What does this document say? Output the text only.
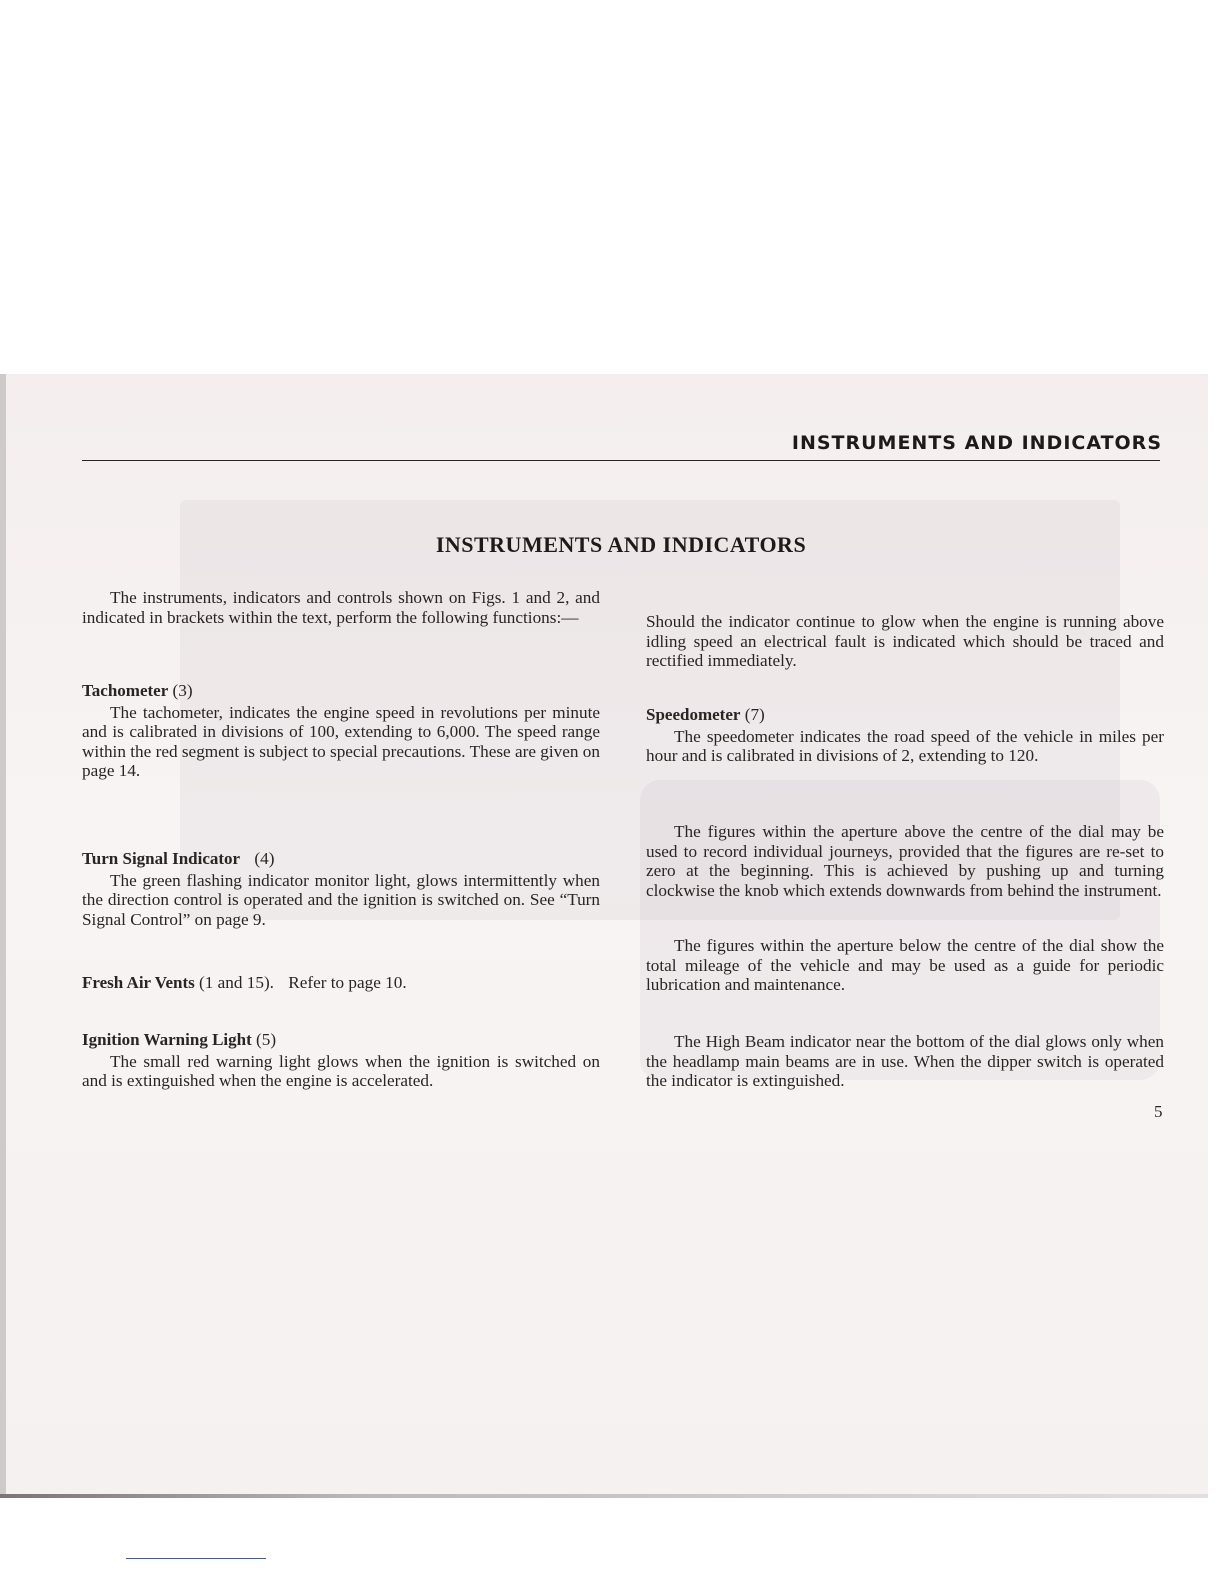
INSTRUMENTS AND INDICATORS
INSTRUMENTS AND INDICATORS

The instruments, indicators and controls shown on Figs. 1 and 2, and indicated in brackets within the text, perform the following functions:—

Tachometer (3)

The tachometer, indicates the engine speed in revolutions per minute and is calibrated in divisions of 100, extending to 6,000. The speed range within the red segment is subject to special precautions. These are given on page 14.

Turn Signal Indicator (4)

The green flashing indicator monitor light, glows intermittently when the direction control is operated and the ignition is switched on. See “Turn Signal Control” on page 9.

Fresh Air Vents (1 and 15). Refer to page 10.
Ignition Warning Light (5)

The small red warning light glows when the ignition is switched on and is extinguished when the engine is accelerated.

Should the indicator continue to glow when the engine is running above idling speed an electrical fault is indicated which should be traced and rectified immediately.

Speedometer (7)

The speedometer indicates the road speed of the vehicle in miles per hour and is calibrated in divisions of 2, extending to 120.

The figures within the aperture above the centre of the dial may be used to record individual journeys, provided that the figures are re-set to zero at the beginning. This is achieved by pushing up and turning clockwise the knob which extends downwards from behind the instrument.

The figures within the aperture below the centre of the dial show the total mileage of the vehicle and may be used as a guide for periodic lubrication and maintenance.

The High Beam indicator near the bottom of the dial glows only when the headlamp main beams are in use. When the dipper switch is operated the indicator is extinguished.

5
